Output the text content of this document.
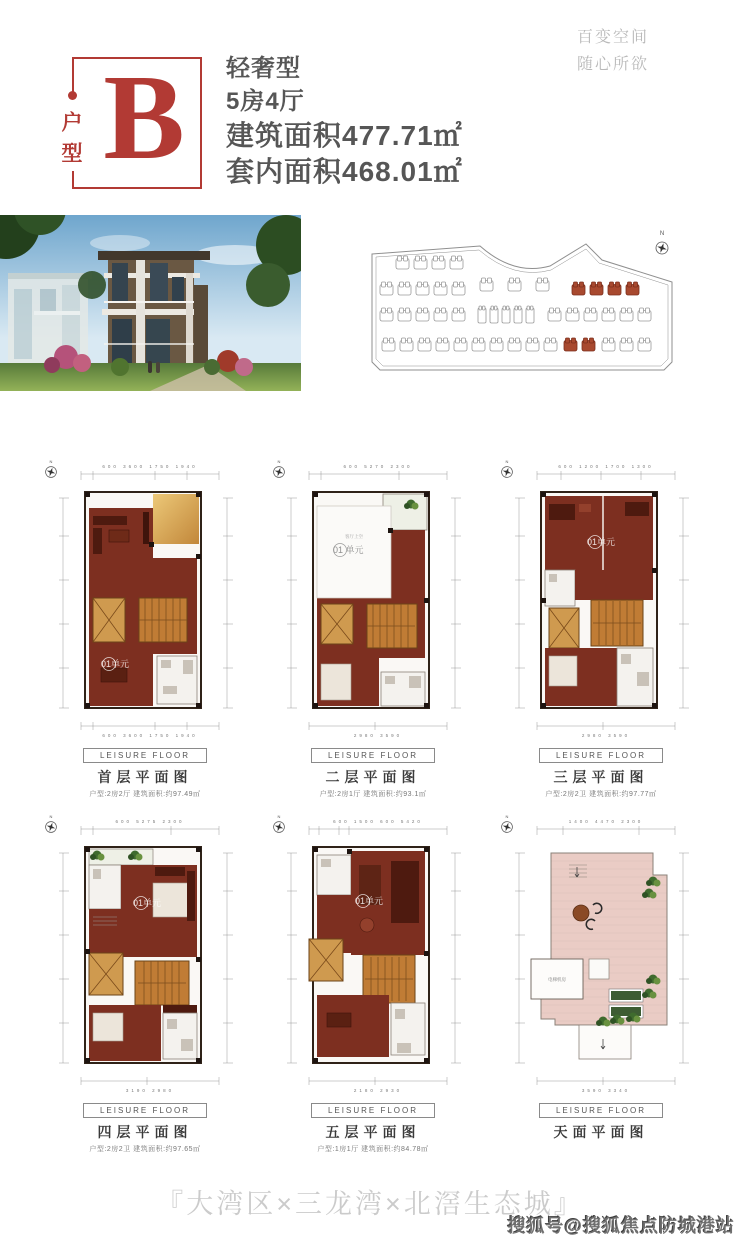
户型 B	轻奢型
5房4厅
建筑面积477.71㎡
套内面积468.01㎡
百变空间
随心所欲
N
N
600 3600 1750 1940
600 3600 1750 1940
01单元
LEISURE FLOOR
首层平面图
户型:2房2厅 建筑面积:约97.49㎡
N
600 5270 2300
2980 3590
客厅上空
01 单元
LEISURE FLOOR
二层平面图
户型:2房1厅 建筑面积:约93.1㎡
N
600 1200 1700 1300
2980 3590
01单元
LEISURE FLOOR
三层平面图
户型:2房2卫 建筑面积:约97.77㎡
N
600 5275 2300
3190 2980
01单元
LEISURE FLOOR
四层平面图
户型:2房2卫 建筑面积:约97.65㎡
N
600 1500 600 5420
2180 2930
01单元
LEISURE FLOOR
五层平面图
户型:1房1厅 建筑面积:约84.78㎡
N
1400 4470 2300
3590 3340
电梯机房
LEISURE FLOOR
天面平面图
『大湾区×三龙湾×北滘生态城』
搜狐号@搜狐焦点防城港站
